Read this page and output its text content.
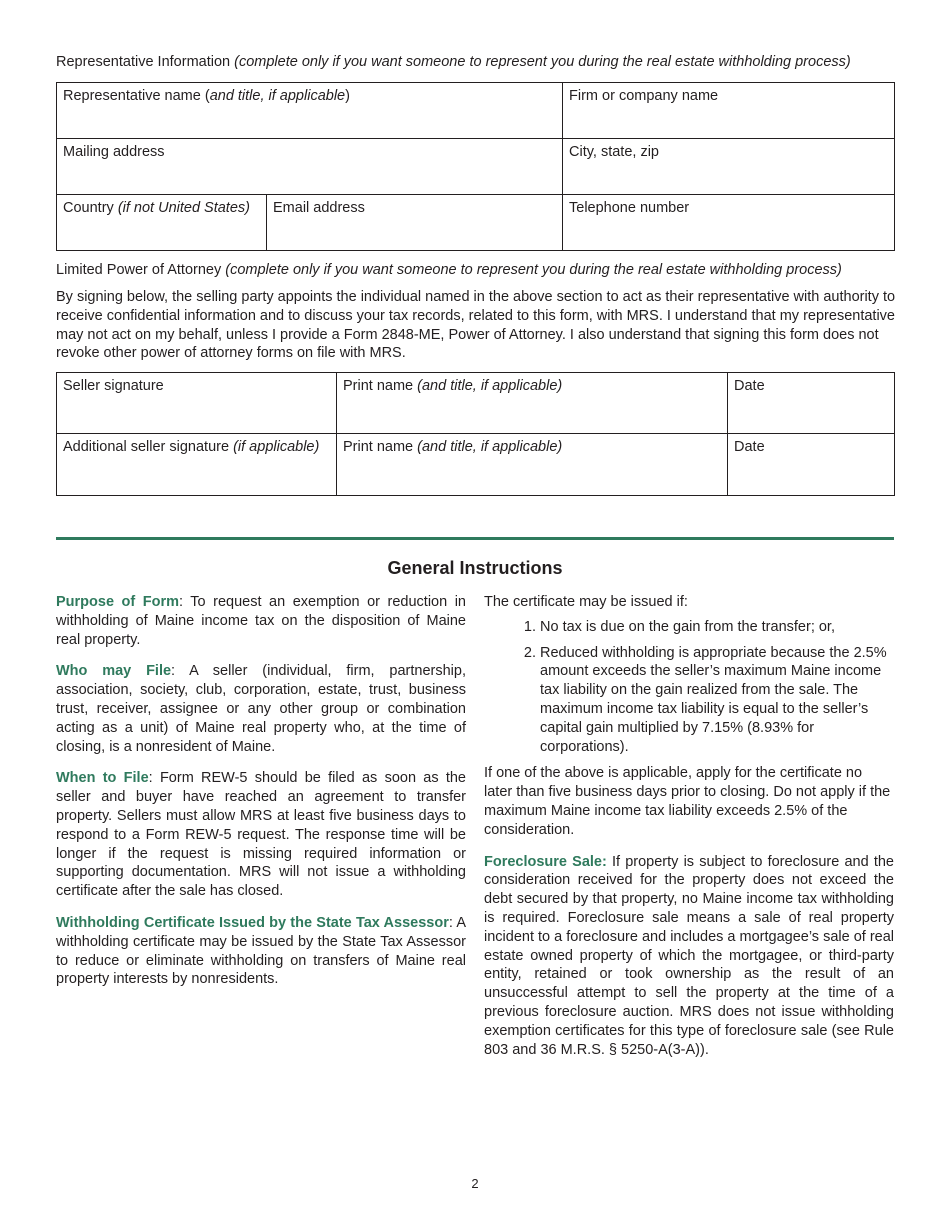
Representative Information (complete only if you want someone to represent you during the real estate withholding process)
Representative name (and title, if applicable)		Firm or company name
Mailing address		City, state, zip
Country (if not United States)	Email address	Telephone number
Limited Power of Attorney (complete only if you want someone to represent you during the real estate withholding process)
By signing below, the selling party appoints the individual named in the above section to act as their representative with authority to receive confidential information and to discuss your tax records, related to this form, with MRS. I understand that my representative may not act on my behalf, unless I provide a Form 2848-ME, Power of Attorney. I also understand that signing this form does not revoke other power of attorney forms on file with MRS.
Seller signature	Print name (and title, if applicable)	Date
Additional seller signature (if applicable)	Print name (and title, if applicable)	Date
General Instructions

Purpose of Form: To request an exemption or reduction in withholding of Maine income tax on the disposition of Maine real property.

Who may File: A seller (individual, firm, partnership, association, society, club, corporation, estate, trust, business trust, receiver, assignee or any other group or combination acting as a unit) of Maine real property who, at the time of closing, is a nonresident of Maine.

When to File: Form REW-5 should be filed as soon as the seller and buyer have reached an agreement to transfer property. Sellers must allow MRS at least five business days to respond to a Form REW-5 request. The response time will be longer if the request is missing required information or supporting documentation. MRS will not issue a withholding certificate after the sale has closed.

Withholding Certificate Issued by the State Tax Assessor: A withholding certificate may be issued by the State Tax Assessor to reduce or eliminate withholding on transfers of Maine real property interests by nonresidents.

The certificate may be issued if:
1. No tax is due on the gain from the transfer; or,
2. Reduced withholding is appropriate because the 2.5% amount exceeds the seller’s maximum Maine income tax liability on the gain realized from the sale. The maximum income tax liability is equal to the seller’s capital gain multiplied by 7.15% (8.93% for corporations).

If one of the above is applicable, apply for the certificate no later than five business days prior to closing. Do not apply if the maximum Maine income tax liability exceeds 2.5% of the consideration.

Foreclosure Sale: If property is subject to foreclosure and the consideration received for the property does not exceed the debt secured by that property, no Maine income tax withholding is required. Foreclosure sale means a sale of real property incident to a foreclosure and includes a mortgagee’s sale of real estate owned property of which the mortgagee, or third-party entity, retained or took ownership as the result of an unsuccessful attempt to sell the property at the time of a previous foreclosure auction. MRS does not issue withholding exemption certificates for this type of foreclosure sale (see Rule 803 and 36 M.R.S. § 5250-A(3-A)).

2
